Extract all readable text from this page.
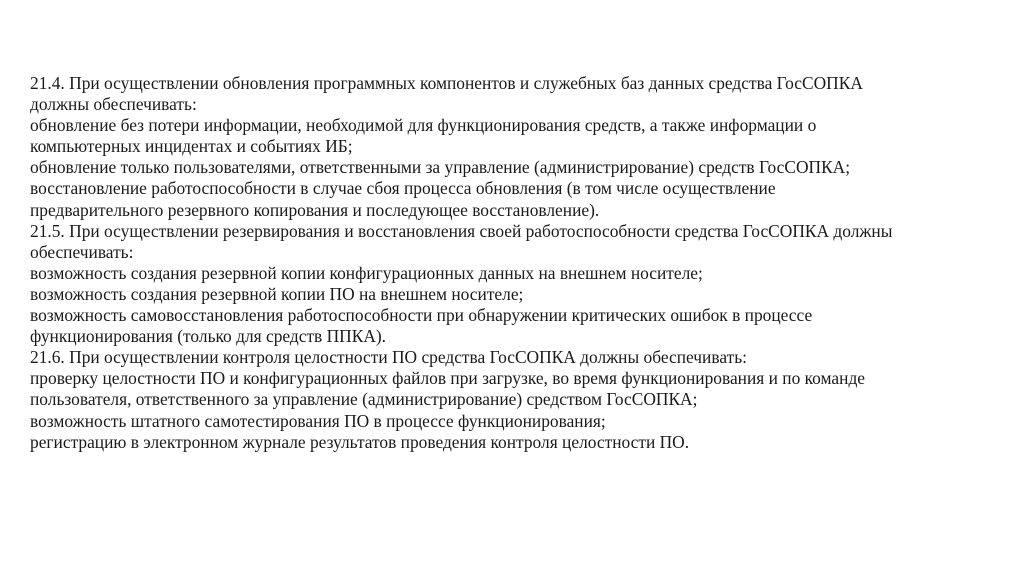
21.4. При осуществлении обновления программных компонентов и служебных баз данных средства ГосСОПКА
должны обеспечивать:
обновление без потери информации, необходимой для функционирования средств, а также информации о
компьютерных инцидентах и событиях ИБ;
обновление только пользователями, ответственными за управление (администрирование) средств ГосСОПКА;
восстановление работоспособности в случае сбоя процесса обновления (в том числе осуществление
предварительного резервного копирования и последующее восстановление).
21.5. При осуществлении резервирования и восстановления своей работоспособности средства ГосСОПКА должны
обеспечивать:
возможность создания резервной копии конфигурационных данных на внешнем носителе;
возможность создания резервной копии ПО на внешнем носителе;
возможность самовосстановления работоспособности при обнаружении критических ошибок в процессе
функционирования (только для средств ППКА).
21.6. При осуществлении контроля целостности ПО средства ГосСОПКА должны обеспечивать:
проверку целостности ПО и конфигурационных файлов при загрузке, во время функционирования и по команде
пользователя, ответственного за управление (администрирование) средством ГосСОПКА;
возможность штатного самотестирования ПО в процессе функционирования;
регистрацию в электронном журнале результатов проведения контроля целостности ПО.
